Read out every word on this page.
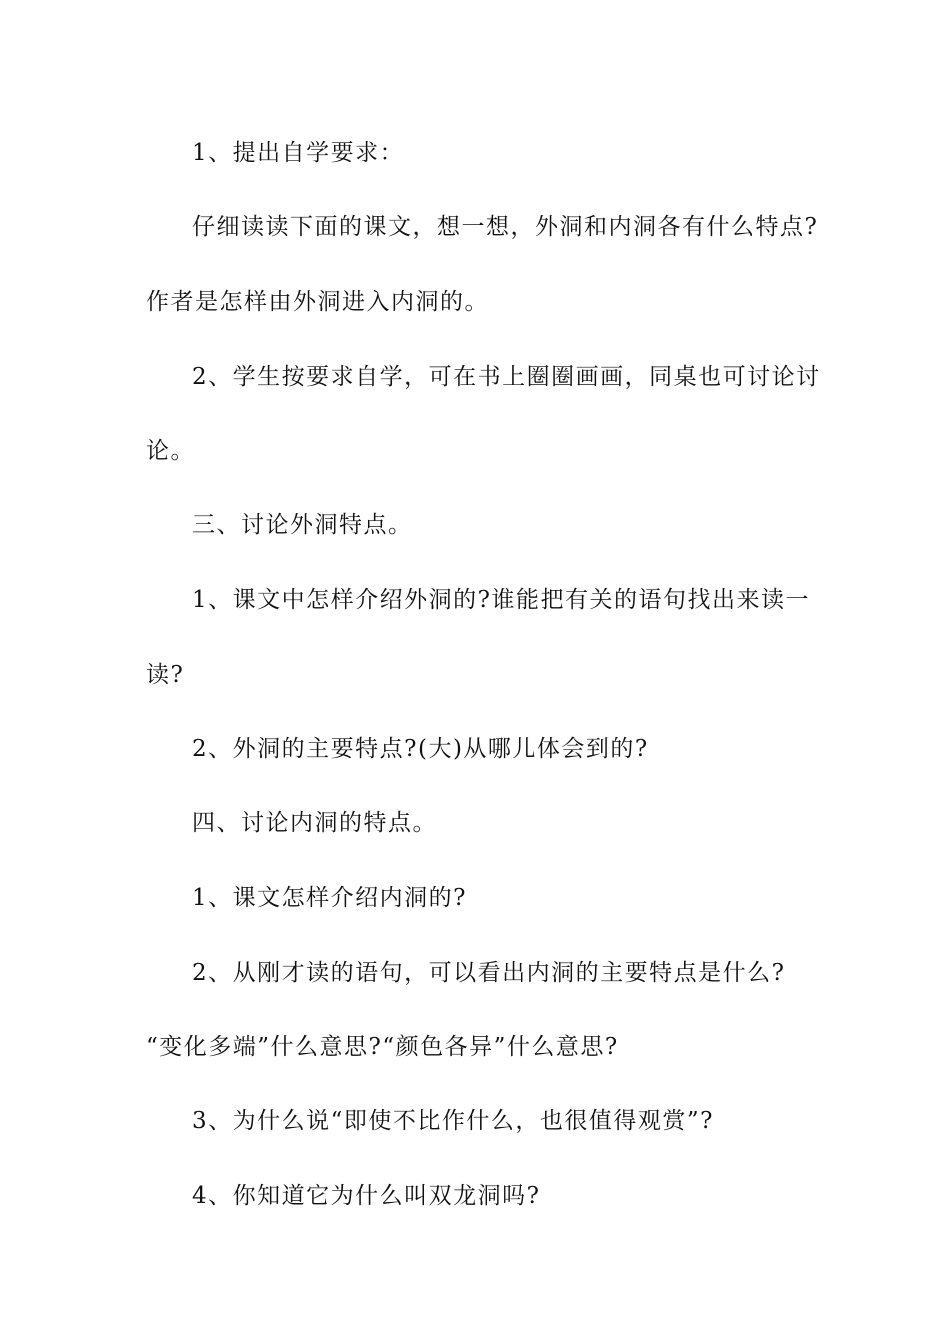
1、提出自学要求：
仔细读读下面的课文，想一想，外洞和内洞各有什么特点?
作者是怎样由外洞进入内洞的。
2、学生按要求自学，可在书上圈圈画画，同桌也可讨论讨
论。
三、讨论外洞特点。
1、课文中怎样介绍外洞的?谁能把有关的语句找出来读一
读?
2、外洞的主要特点?(大)从哪儿体会到的?
四、讨论内洞的特点。
1、课文怎样介绍内洞的?
2、从刚才读的语句，可以看出内洞的主要特点是什么?
“变化多端”什么意思?“颜色各异”什么意思?
3、为什么说“即使不比作什么，也很值得观赏”?
4、你知道它为什么叫双龙洞吗?
